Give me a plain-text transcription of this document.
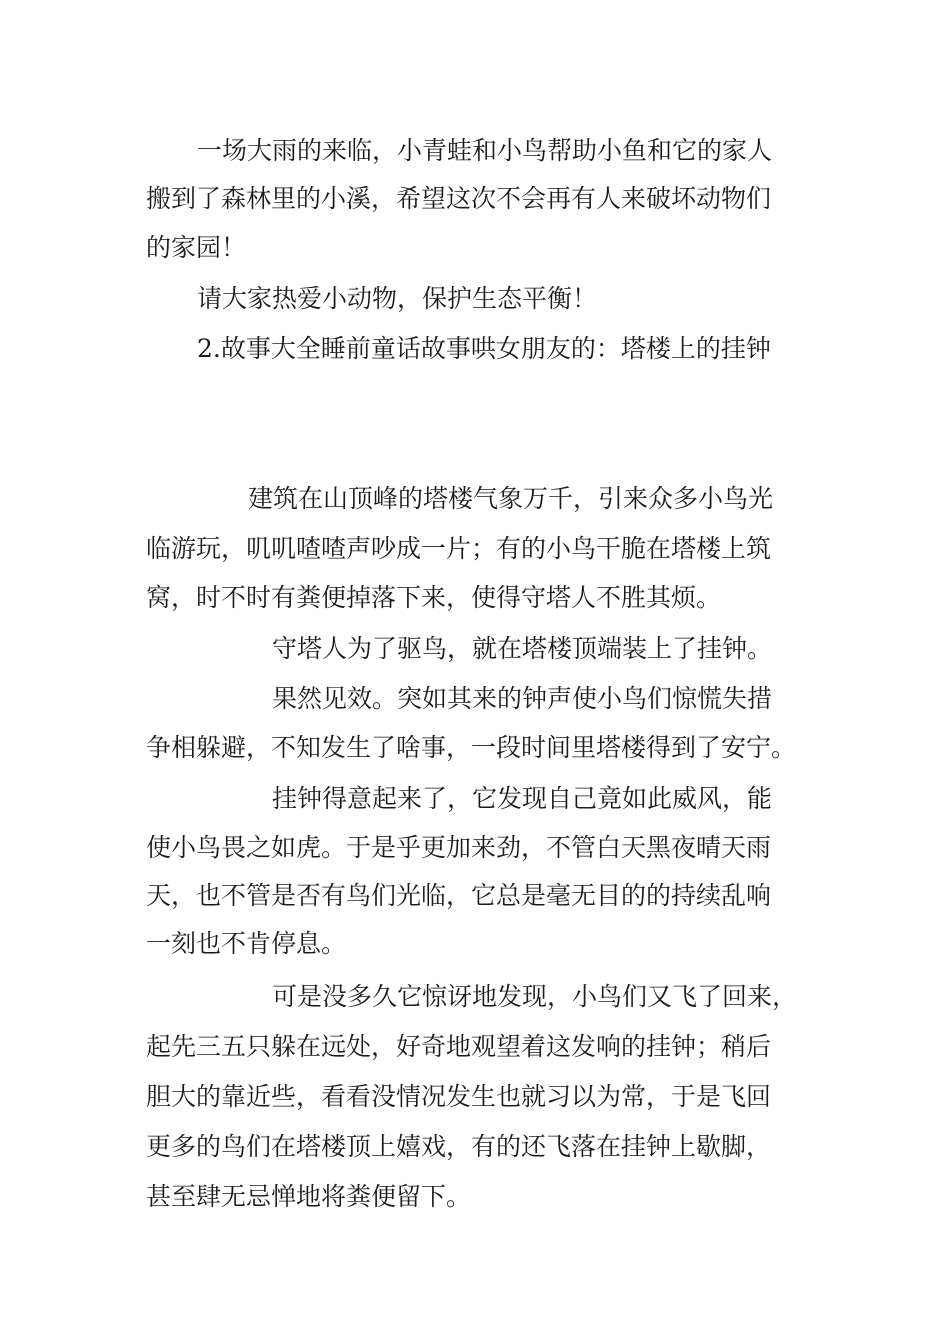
一场大雨的来临，小青蛙和小鸟帮助小鱼和它的家人

搬到了森林里的小溪，希望这次不会再有人来破坏动物们

的家园！

请大家热爱小动物，保护生态平衡！

2.故事大全睡前童话故事哄女朋友的：塔楼上的挂钟

建筑在山顶峰的塔楼气象万千，引来众多小鸟光

临游玩，叽叽喳喳声吵成一片；有的小鸟干脆在塔楼上筑

窝，时不时有粪便掉落下来，使得守塔人不胜其烦。

守塔人为了驱鸟，就在塔楼顶端装上了挂钟。

果然见效。突如其来的钟声使小鸟们惊慌失措

争相躲避，不知发生了啥事，一段时间里塔楼得到了安宁。

挂钟得意起来了，它发现自己竟如此威风，能

使小鸟畏之如虎。于是乎更加来劲，不管白天黑夜晴天雨

天，也不管是否有鸟们光临，它总是毫无目的的持续乱响

一刻也不肯停息。

可是没多久它惊讶地发现，小鸟们又飞了回来，

起先三五只躲在远处，好奇地观望着这发响的挂钟；稍后

胆大的靠近些，看看没情况发生也就习以为常，于是飞回

更多的鸟们在塔楼顶上嬉戏，有的还飞落在挂钟上歇脚，

甚至肆无忌惮地将粪便留下。
